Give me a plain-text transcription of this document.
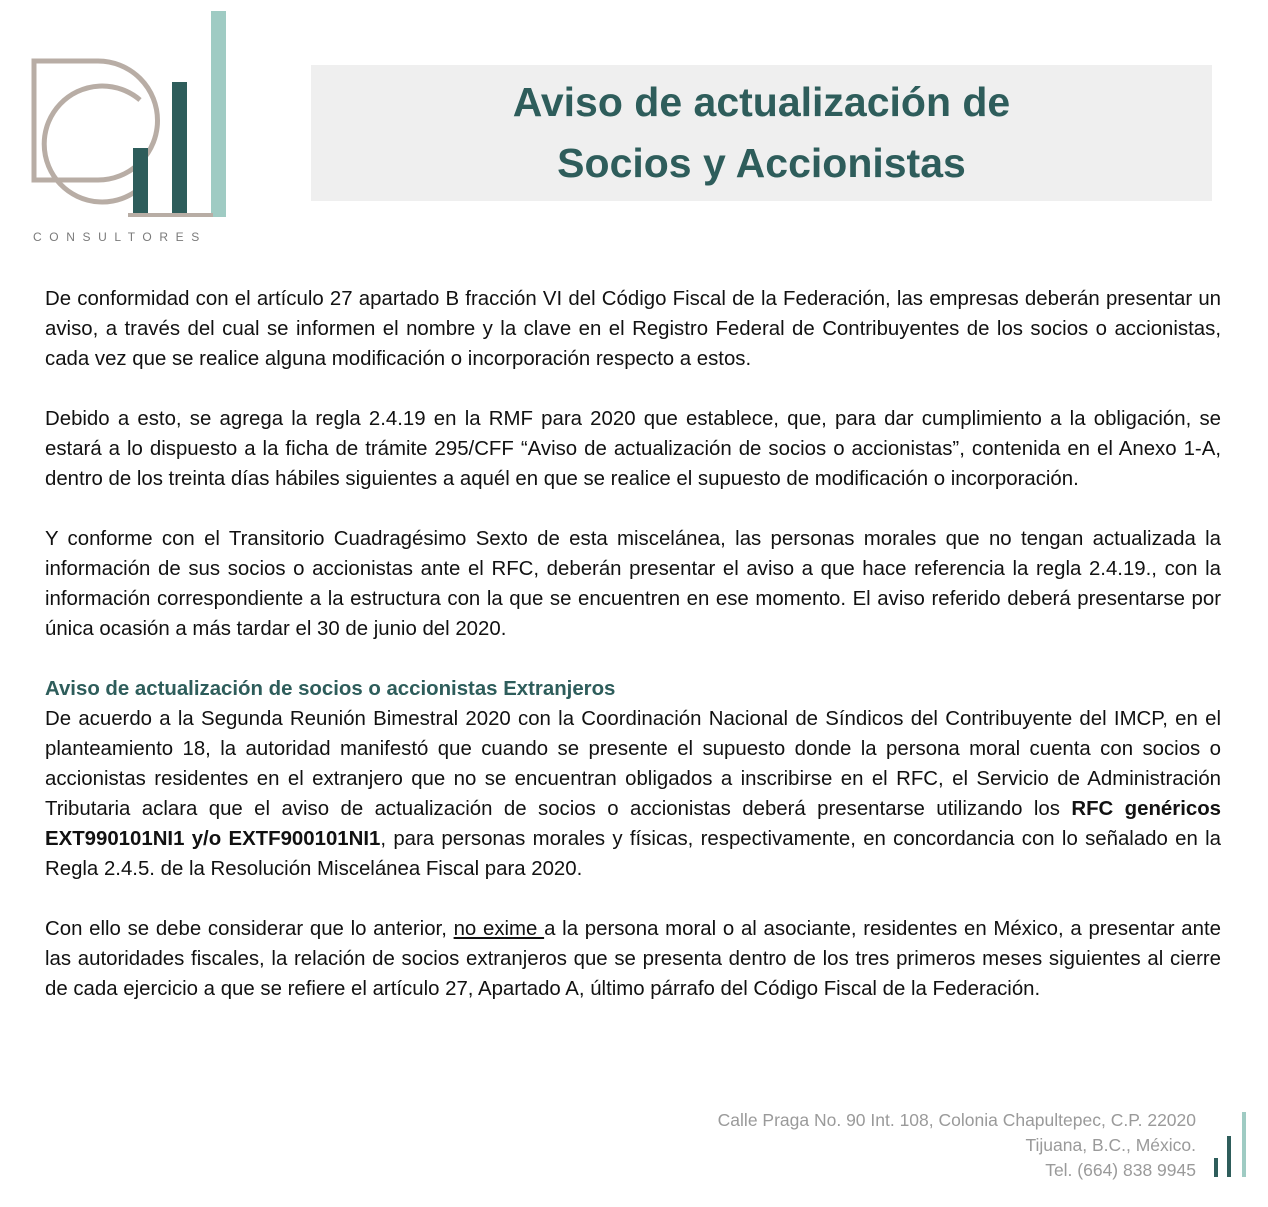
CONSULTORES
Aviso de actualización de
Socios y Accionistas

De conformidad con el artículo 27 apartado B fracción VI del Código Fiscal de la Federación, las empresas deberán presentar un aviso, a través del cual se informen el nombre y la clave en el Registro Federal de Contribuyentes de los socios o accionistas, cada vez que se realice alguna modificación o incorporación respecto a estos.

Debido a esto, se agrega la regla 2.4.19 en la RMF para 2020 que establece, que, para dar cumplimiento a la obligación, se estará a lo dispuesto a la ficha de trámite 295/CFF “Aviso de actualización de socios o accionistas”, contenida en el Anexo 1-A, dentro de los treinta días hábiles siguientes a aquél en que se realice el supuesto de modificación o incorporación.

Y conforme con el Transitorio Cuadragésimo Sexto de esta miscelánea, las personas morales que no tengan actualizada la información de sus socios o accionistas ante el RFC, deberán presentar el aviso a que hace referencia la regla 2.4.19., con la información correspondiente a la estructura con la que se encuentren en ese momento. El aviso referido deberá presentarse por única ocasión a más tardar el 30 de junio del 2020.

Aviso de actualización de socios o accionistas Extranjeros

De acuerdo a la Segunda Reunión Bimestral 2020 con la Coordinación Nacional de Síndicos del Contribuyente del IMCP, en el planteamiento 18, la autoridad manifestó que cuando se presente el supuesto donde la persona moral cuenta con socios o accionistas residentes en el extranjero que no se encuentran obligados a inscribirse en el RFC, el Servicio de Administración Tributaria aclara que el aviso de actualización de socios o accionistas deberá presentarse utilizando los RFC genéricos EXT990101NI1 y/o EXTF900101NI1, para personas morales y físicas, respectivamente, en concordancia con lo señalado en la Regla 2.4.5. de la Resolución Miscelánea Fiscal para 2020.

Con ello se debe considerar que lo anterior, no exime a la persona moral o al asociante, residentes en México, a presentar ante las autoridades fiscales, la relación de socios extranjeros que se presenta dentro de los tres primeros meses siguientes al cierre de cada ejercicio a que se refiere el artículo 27, Apartado A, último párrafo del Código Fiscal de la Federación.

Calle Praga No. 90 Int. 108, Colonia Chapultepec, C.P. 22020
Tijuana, B.C., México.
Tel. (664) 838 9945
